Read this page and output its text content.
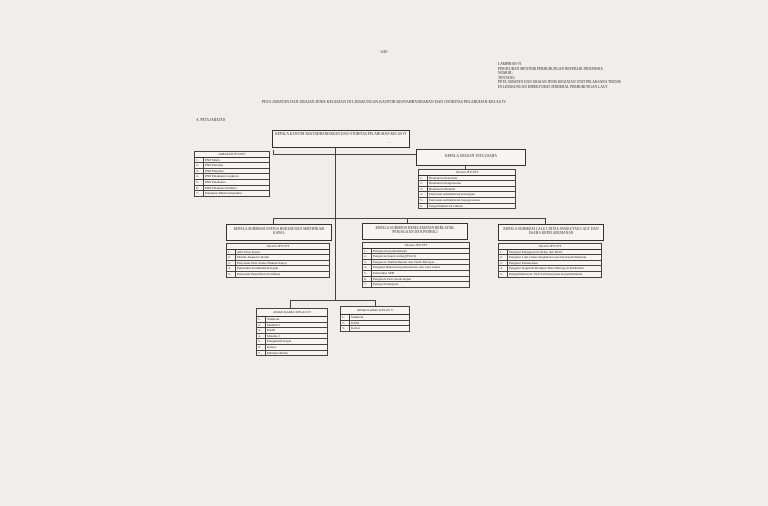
- 640 -
LAMPIRAN VI
PERATURAN MENTERI PERHUBUNGAN REPUBLIK INDONESIA
NOMOR :
TENTANG
PETA JABATAN DAN URAIAN JENIS KEGIATAN UNIT PELAKSANA TEKNIS
DI LINGKUNGAN DIREKTORAT JENDERAL PERHUBUNGAN LAUT
PETA JABATAN DAN URAIAN JENIS KEGIATAN DI LINGKUNGAN KANTOR KESYAHBANDARAN DAN OTORITAS PELABUHAN KELAS IV
A. PETA JABATAN
KEPALA KANTOR KESYAHBANDARAN DAN OTORITAS PELABUHAN KELAS IV
...
JABATAN JFT/JFU	
1.	PNP Muda
2.	PNP Pertama
3.	PNP Penyelia
4.	PNP Pelaksana Lanjutan
5.	PNP Pelaksana
6.	PNP Pelaksana Pemula
7.	Inspektur Marine Inspektur
KEPALA URUSAN TATA USAHA
Jabatan JFU/JFT	
1.	Bendahara Penerima
2.	Bendahara Pengeluaran
3.	Bendahara Materiil
4.	Penyusun Administrasi Keuangan
5.	Penyusun Administrasi Kepegawaian
6.	Pengadministrasi Umum
KEPALA SUBSEKSI STATUS HUKUM DAN SERTIFIKASI KAPAL
Jabatan JFU/JFT	
1.	Ahli Ukur Kapal
2.	Marine Inspector Radio
3.	Penyusun Data Status Hukum Kapal
4.	Pemeriksa Kelaiklautan Kapal
5.	Penyusun Penerbitan Sertifikasi
KEPALA SUBSEKSI KESELAMATAN BERLAYAR, PENJAGAAN DAN PATROLI
Jabatan JFU/JFT	
1.	Petugas Kesyahbandaran
2.	Pengawas Kapal Asing (PSCO)
3.	Pengawas Teknik Bandar dan Tertib Berlayar
4.	Pengatur Bahan Kesyahbandaran dan Lalu Lintas
5.	Pemeriksa SPB
6.	Pengelola Data Awak Kapal
7.	Petugas Penjagaan
KEPALA SUBSEKSI LALU LINTAS ANGKUTAN LAUT DAN USAHA KEPELABUHANAN
Jabatan JFU/JFT	
1.	Pengatur Penggunaan DLKp dan DLKr
2.	Pengatur Lalu Lintas Angkutan Laut dan Kepelabuhanan
3.	Pengatur Pemanduan
4.	Pengatur Kegiatan Bongkar Muat Barang di Pelabuhan
5.	Pengadministrasi Tarif dan Pelayanan Kepelabuhanan
AWAK KAPAL KELAS IV	
1.	Nakhoda
2.	Mualim I
3.	KKM
4.	Masinis I
5.	Pengemudi Kapal
6.	Kelasi
7.	Pelumas Mesin
AWAK KAPAL KELAS V	
1.	Nakhoda
2.	KKM
3.	Kelasi
